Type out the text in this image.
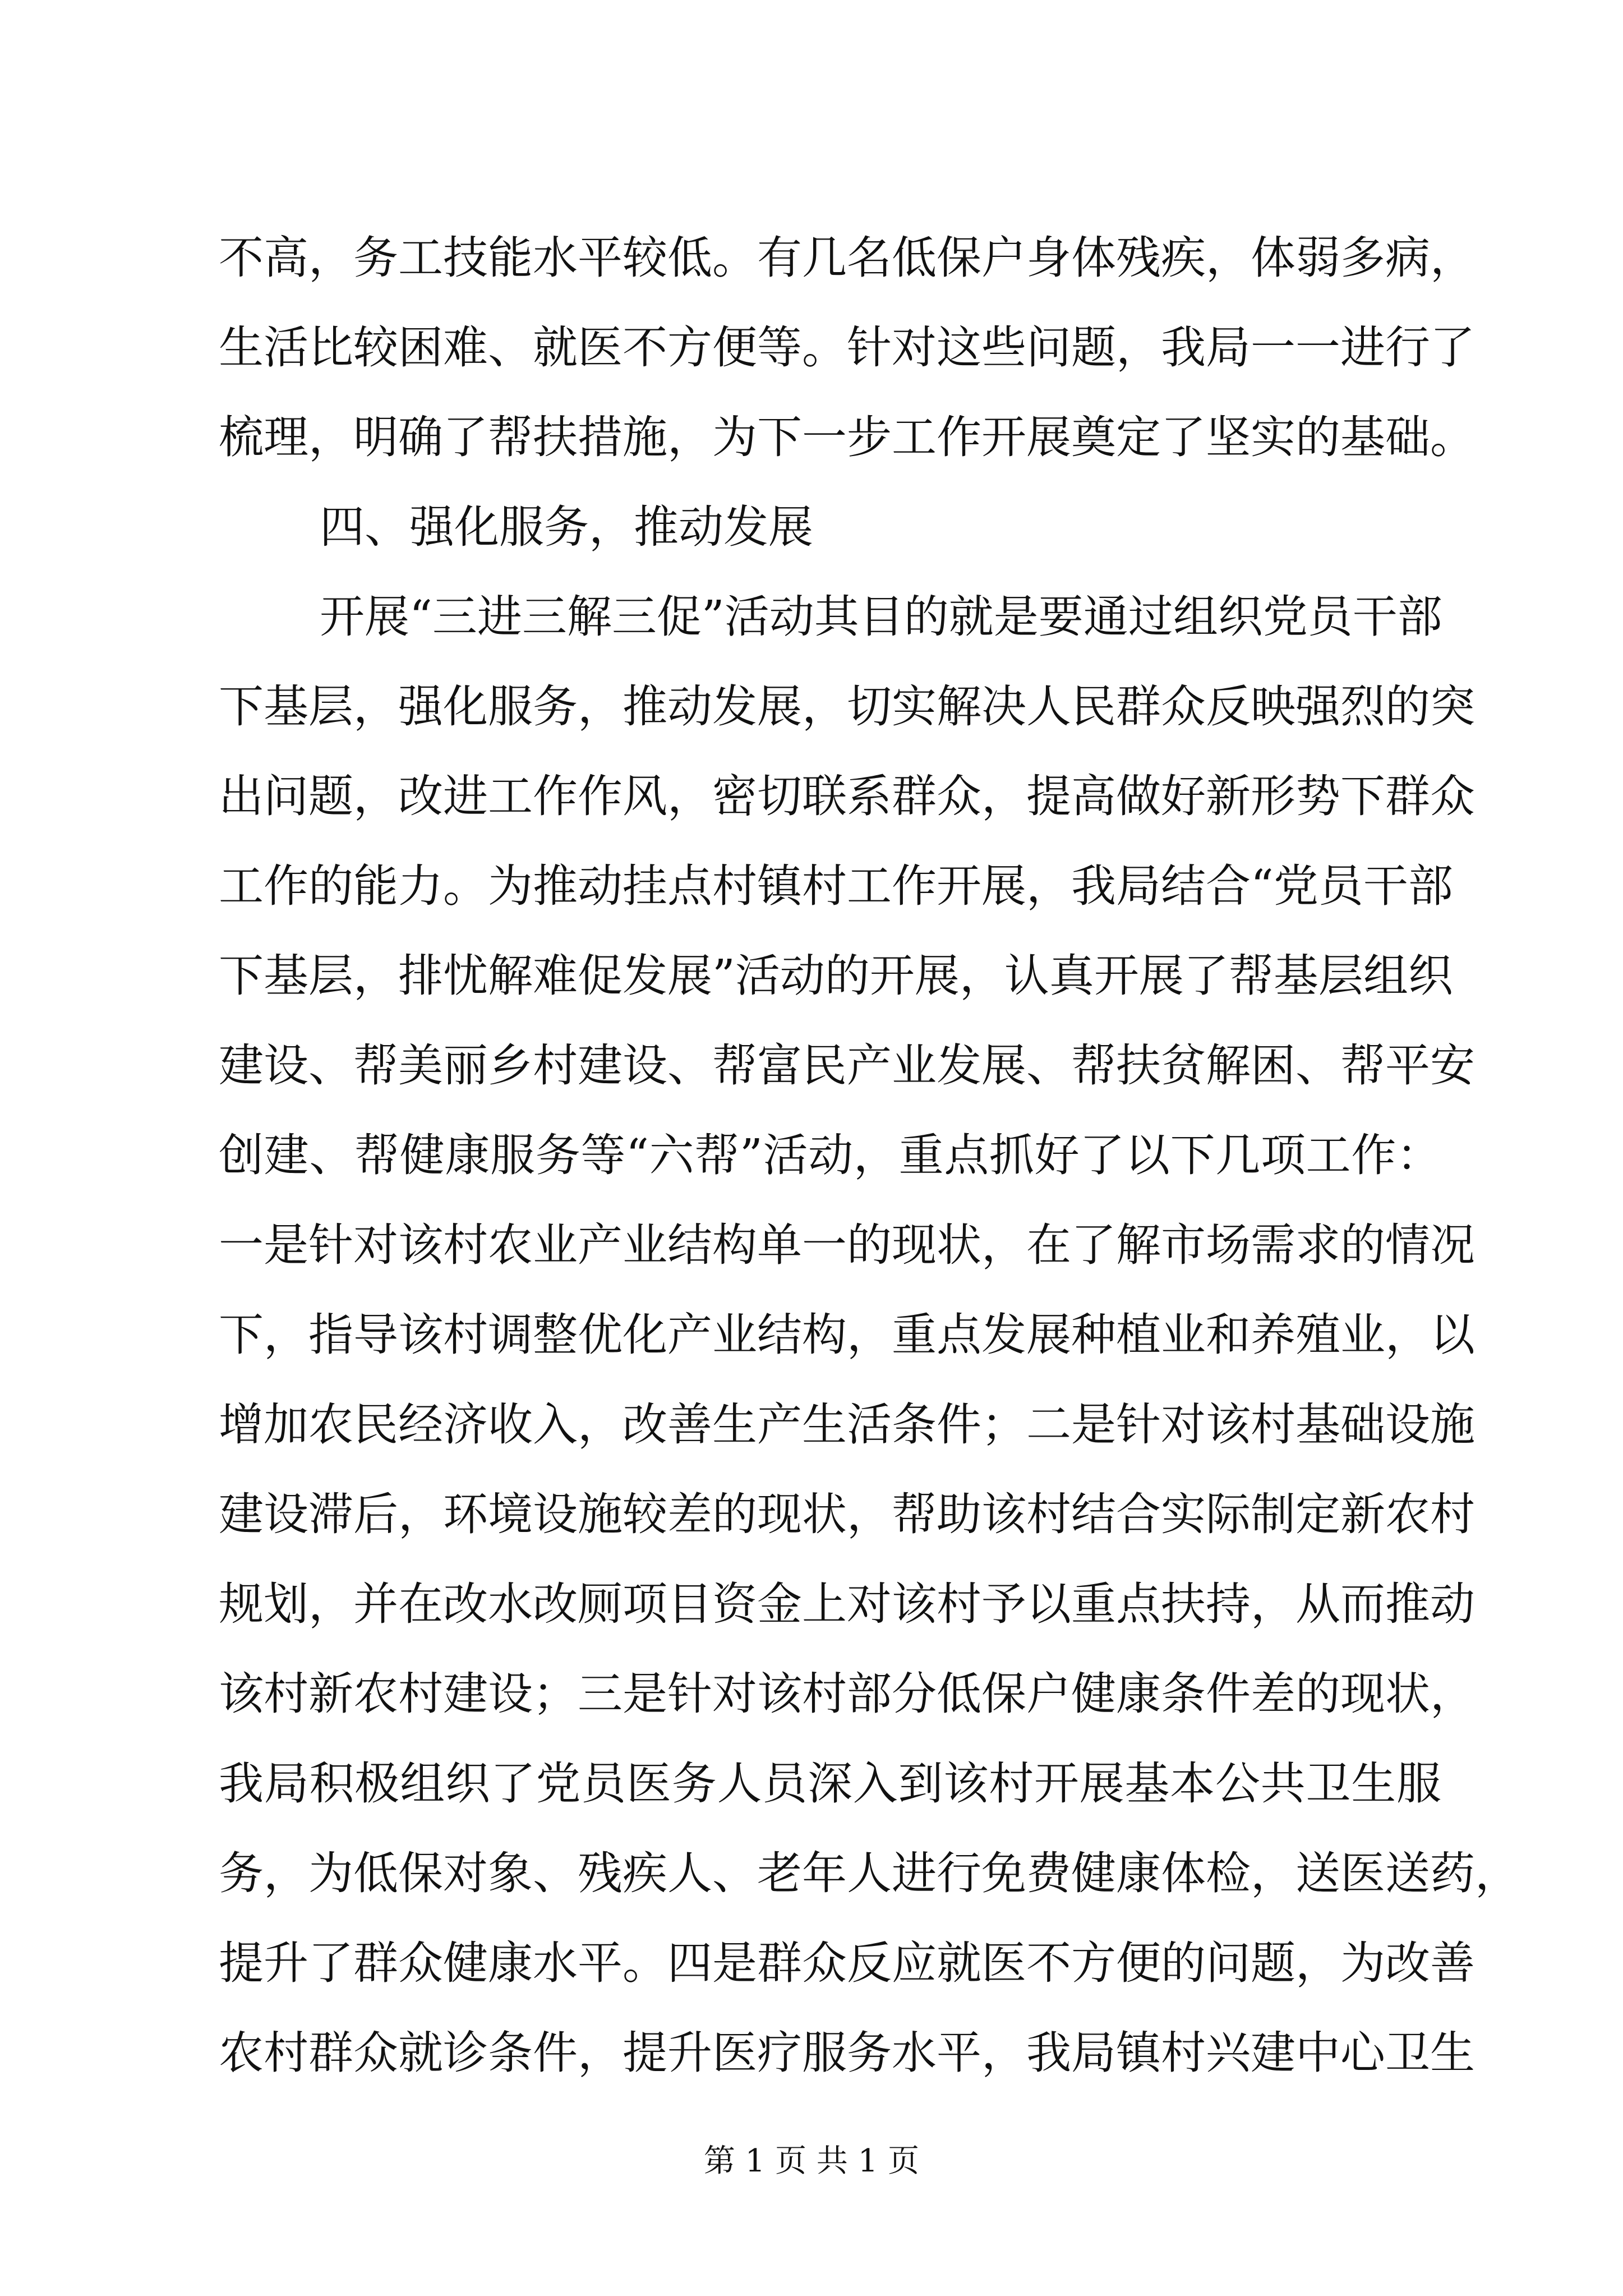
不高，务工技能水平较低。有几名低保户身体残疾，体弱多病，
生活比较困难、就医不方便等。针对这些问题，我局一一进行了
梳理，明确了帮扶措施，为下一步工作开展奠定了坚实的基础。
四、强化服务，推动发展
开展“三进三解三促”活动其目的就是要通过组织党员干部
下基层，强化服务，推动发展，切实解决人民群众反映强烈的突
出问题，改进工作作风，密切联系群众，提高做好新形势下群众
工作的能力。为推动挂点村镇村工作开展，我局结合“党员干部
下基层，排忧解难促发展”活动的开展，认真开展了帮基层组织
建设、帮美丽乡村建设、帮富民产业发展、帮扶贫解困、帮平安
创建、帮健康服务等“六帮”活动，重点抓好了以下几项工作：
一是针对该村农业产业结构单一的现状，在了解市场需求的情况
下，指导该村调整优化产业结构，重点发展种植业和养殖业，以
增加农民经济收入，改善生产生活条件；二是针对该村基础设施
建设滞后，环境设施较差的现状，帮助该村结合实际制定新农村
规划，并在改水改厕项目资金上对该村予以重点扶持，从而推动
该村新农村建设；三是针对该村部分低保户健康条件差的现状，
我局积极组织了党员医务人员深入到该村开展基本公共卫生服
务，为低保对象、残疾人、老年人进行免费健康体检，送医送药，
提升了群众健康水平。四是群众反应就医不方便的问题，为改善
农村群众就诊条件，提升医疗服务水平，我局镇村兴建中心卫生
第 1 页 共 1 页
